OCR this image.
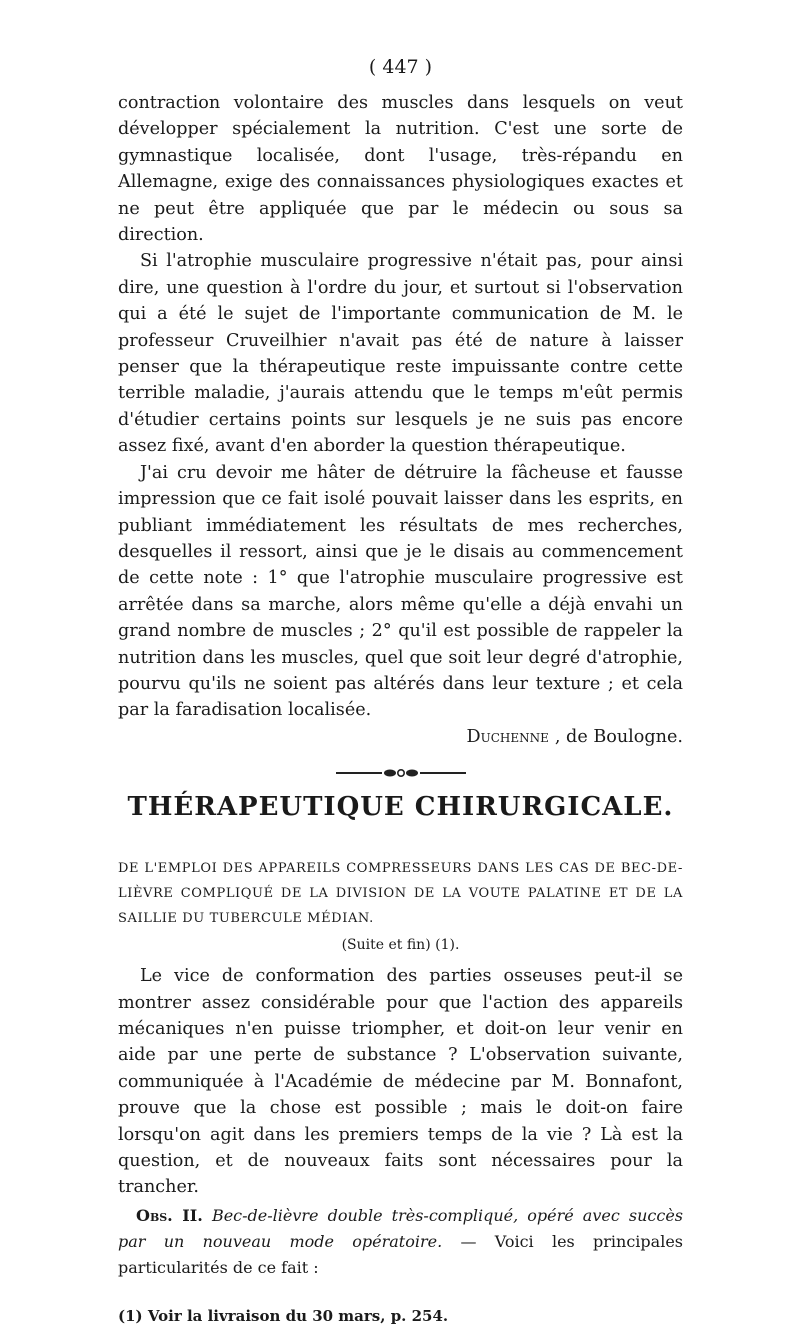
( 447 )

contraction volontaire des muscles dans lesquels on veut développer spécialement la nutrition. C'est une sorte de gymnastique localisée, dont l'usage, très-répandu en Allemagne, exige des connaissances physiologiques exactes et ne peut être appliquée que par le médecin ou sous sa direction.

Si l'atrophie musculaire progressive n'était pas, pour ainsi dire, une question à l'ordre du jour, et surtout si l'observation qui a été le sujet de l'importante communication de M. le professeur Cruveilhier n'avait pas été de nature à laisser penser que la thérapeutique reste impuissante contre cette terrible maladie, j'aurais attendu que le temps m'eût permis d'étudier certains points sur lesquels je ne suis pas encore assez fixé, avant d'en aborder la question thérapeutique.

J'ai cru devoir me hâter de détruire la fâcheuse et fausse impression que ce fait isolé pouvait laisser dans les esprits, en publiant immédiatement les résultats de mes recherches, desquelles il ressort, ainsi que je le disais au commencement de cette note : 1° que l'atrophie musculaire progressive est arrêtée dans sa marche, alors même qu'elle a déjà envahi un grand nombre de muscles ; 2° qu'il est possible de rappeler la nutrition dans les muscles, quel que soit leur degré d'atrophie, pourvu qu'ils ne soient pas altérés dans leur texture ; et cela par la faradisation localisée.

Duchenne , de Boulogne.
THÉRAPEUTIQUE CHIRURGICALE.

DE L'EMPLOI DES APPAREILS COMPRESSEURS DANS LES CAS DE BEC-DE-LIÈVRE COMPLIQUÉ DE LA DIVISION DE LA VOUTE PALATINE ET DE LA SAILLIE DU TUBERCULE MÉDIAN.

(Suite et fin) (1).

Le vice de conformation des parties osseuses peut-il se montrer assez considérable pour que l'action des appareils mécaniques n'en puisse triompher, et doit-on leur venir en aide par une perte de substance ? L'observation suivante, communiquée à l'Académie de médecine par M. Bonnafont, prouve que la chose est possible ; mais le doit-on faire lorsqu'on agit dans les premiers temps de la vie ? Là est la question, et de nouveaux faits sont nécessaires pour la trancher.

Obs. II. Bec-de-lièvre double très-compliqué, opéré avec succès par un nouveau mode opératoire. — Voici les principales particularités de ce fait :

(1) Voir la livraison du 30 mars, p. 254.
